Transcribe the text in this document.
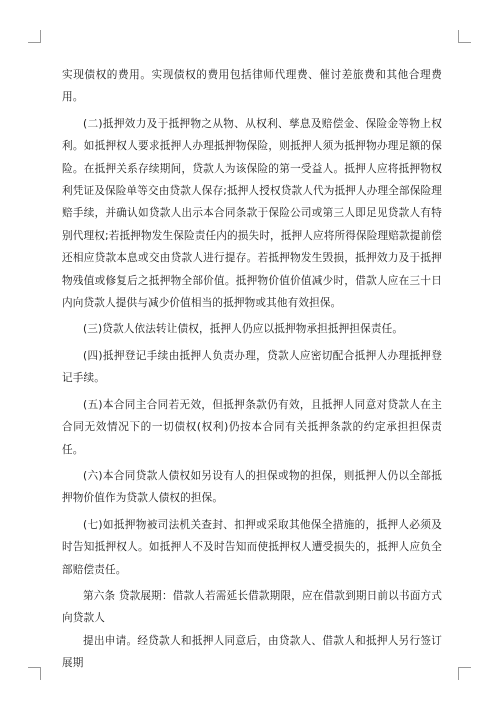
实现债权的费用。实现债权的费用包括律师代理费、催讨差旅费和其他合理费用。

(二)抵押效力及于抵押物之从物、从权利、孳息及赔偿金、保险金等物上权利。如抵押权人要求抵押人办理抵押物保险，则抵押人须为抵押物办理足额的保险。在抵押关系存续期间，贷款人为该保险的第一受益人。抵押人应将抵押物权利凭证及保险单等交由贷款人保存;抵押人授权贷款人代为抵押人办理全部保险理赔手续，并确认如贷款人出示本合同条款于保险公司或第三人即足见贷款人有特别代理权;若抵押物发生保险责任内的损失时，抵押人应将所得保险理赔款提前偿还相应贷款本息或交由贷款人进行提存。若抵押物发生毁损，抵押效力及于抵押物残值或修复后之抵押物全部价值。抵押物价值价值减少时，借款人应在三十日内向贷款人提供与减少价值相当的抵押物或其他有效担保。

(三)贷款人依法转让债权，抵押人仍应以抵押物承担抵押担保责任。

(四)抵押登记手续由抵押人负责办理，贷款人应密切配合抵押人办理抵押登记手续。

(五)本合同主合同若无效，但抵押条款仍有效，且抵押人同意对贷款人在主合同无效情况下的一切债权(权利)仍按本合同有关抵押条款的约定承担担保责任。

(六)本合同贷款人债权如另设有人的担保或物的担保，则抵押人仍以全部抵押物价值作为贷款人债权的担保。

(七)如抵押物被司法机关查封、扣押或采取其他保全措施的，抵押人必须及时告知抵押权人。如抵押人不及时告知而使抵押权人遭受损失的，抵押人应负全部赔偿责任。

第六条 贷款展期：借款人若需延长借款期限，应在借款到期日前以书面方式向贷款人

提出申请。经贷款人和抵押人同意后，由贷款人、借款人和抵押人另行签订展期
